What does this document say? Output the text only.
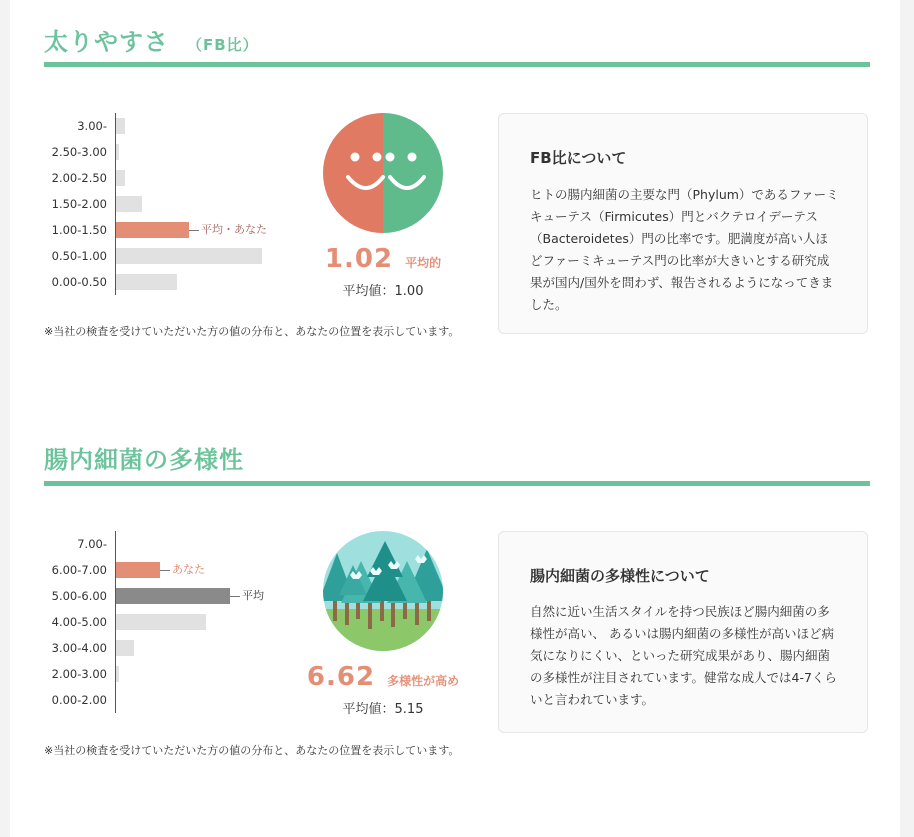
太りやすさ （FB比）
3.00-
2.50-3.00
2.00-2.50
1.50-2.00
1.00-1.50	平均・あなた
0.50-1.00
0.00-0.50

※当社の検査を受けていただいた方の値の分布と、あなたの位置を表示しています。

1.02 平均的
平均値：1.00
FB比について

ヒトの腸内細菌の主要な門（Phylum）であるファーミキューテス（Firmicutes）門とバクテロイデーテス（Bacteroidetes）門の比率です。肥満度が高い人ほどファーミキューテス門の比率が大きいとする研究成果が国内/国外を問わず、報告されるようになってきました。

腸内細菌の多様性
7.00-
6.00-7.00	あなた
5.00-6.00	平均
4.00-5.00
3.00-4.00
2.00-3.00
0.00-2.00

※当社の検査を受けていただいた方の値の分布と、あなたの位置を表示しています。

6.62 多様性が高め
平均値：5.15
腸内細菌の多様性について

自然に近い生活スタイルを持つ民族ほど腸内細菌の多様性が高い、 あるいは腸内細菌の多様性が高いほど病気になりにくい、といった研究成果があり、腸内細菌の多様性が注目されています。健常な成人では4-7くらいと言われています。
